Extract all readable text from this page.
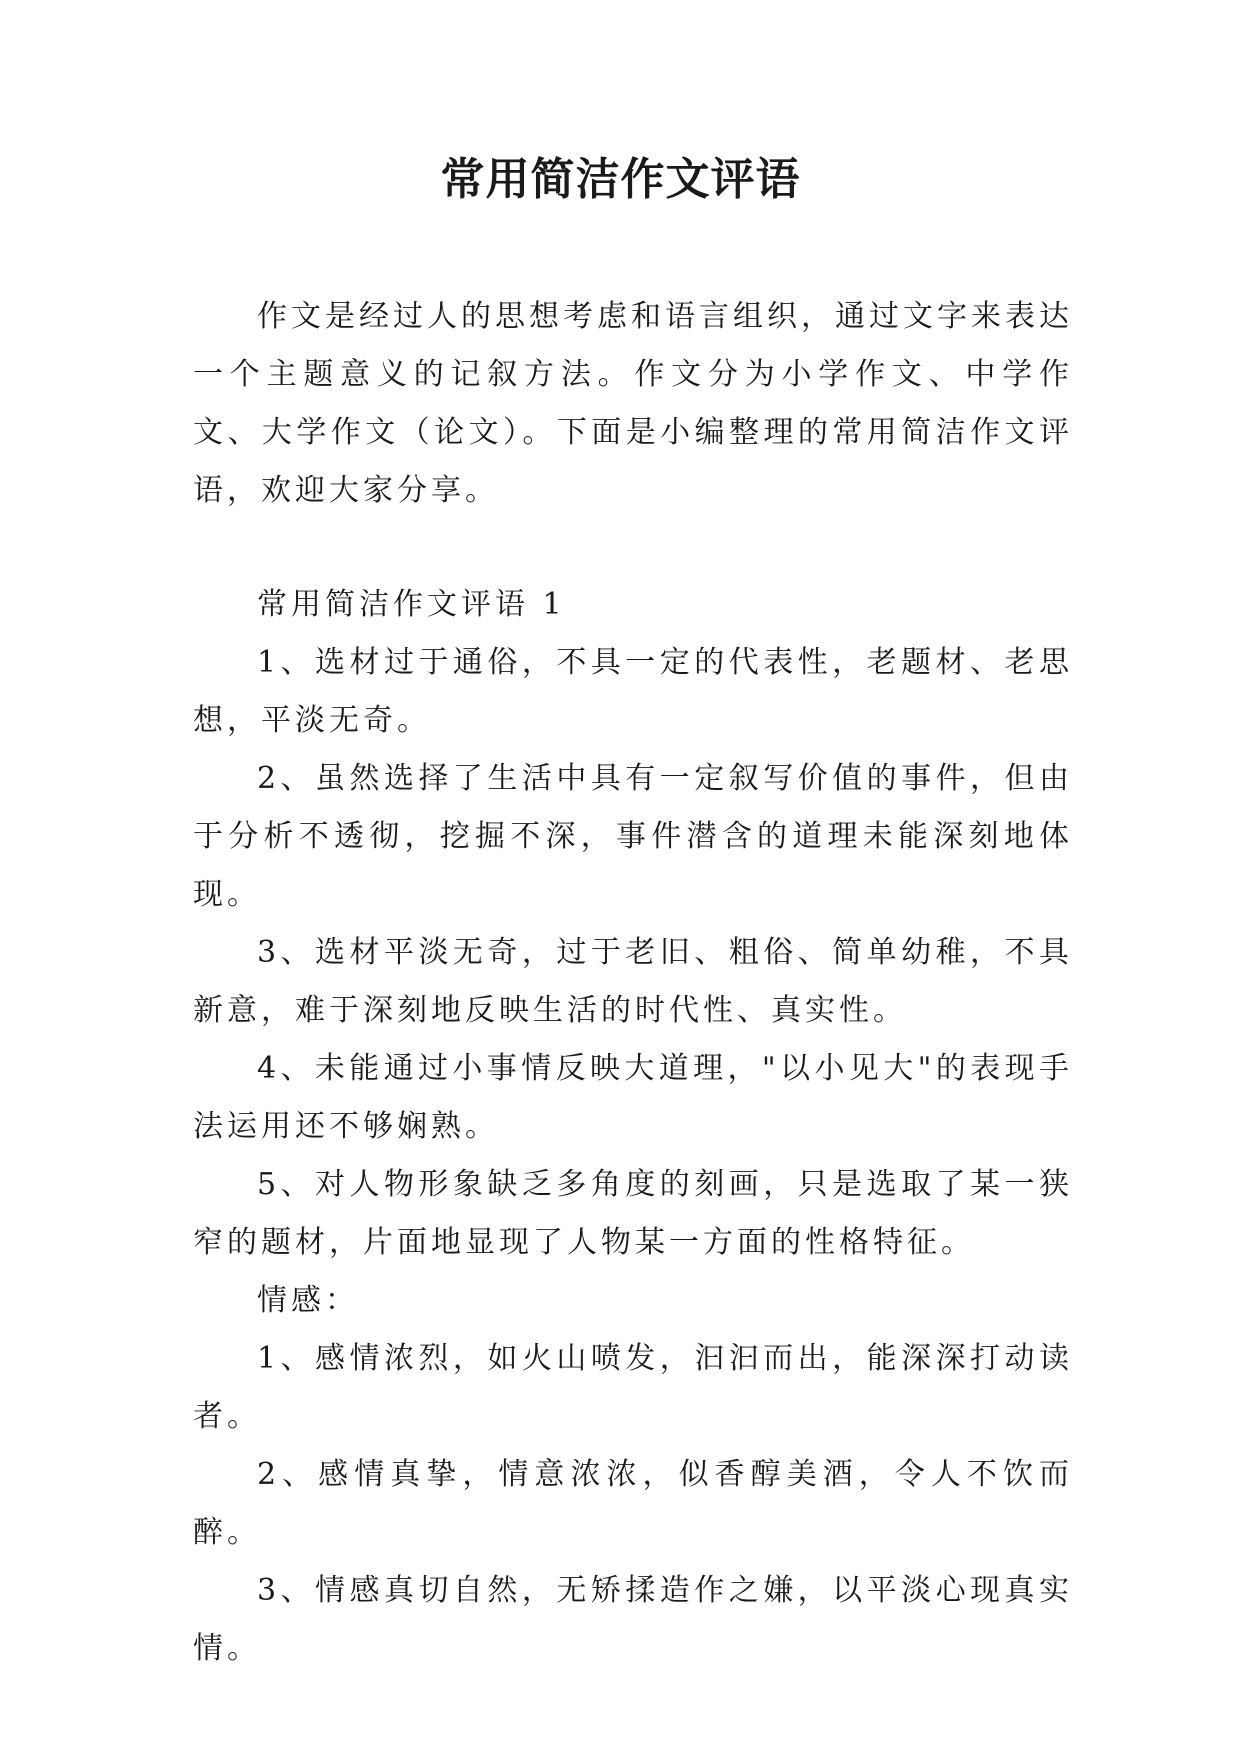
常用简洁作文评语

作文是经过人的思想考虑和语言组织，通过文字来表达一个主题意义的记叙方法。作文分为小学作文、中学作文、大学作文（论文）。下面是小编整理的常用简洁作文评语，欢迎大家分享。

常用简洁作文评语 1

1、选材过于通俗，不具一定的代表性，老题材、老思想，平淡无奇。

2、虽然选择了生活中具有一定叙写价值的事件，但由于分析不透彻，挖掘不深，事件潜含的道理未能深刻地体现。

3、选材平淡无奇，过于老旧、粗俗、简单幼稚，不具新意，难于深刻地反映生活的时代性、真实性。

4、未能通过小事情反映大道理，"以小见大"的表现手法运用还不够娴熟。

5、对人物形象缺乏多角度的刻画，只是选取了某一狭窄的题材，片面地显现了人物某一方面的性格特征。

情感：

1、感情浓烈，如火山喷发，汩汩而出，能深深打动读者。

2、感情真挚，情意浓浓，似香醇美酒，令人不饮而醉。

3、情感真切自然，无矫揉造作之嫌，以平淡心现真实情。
